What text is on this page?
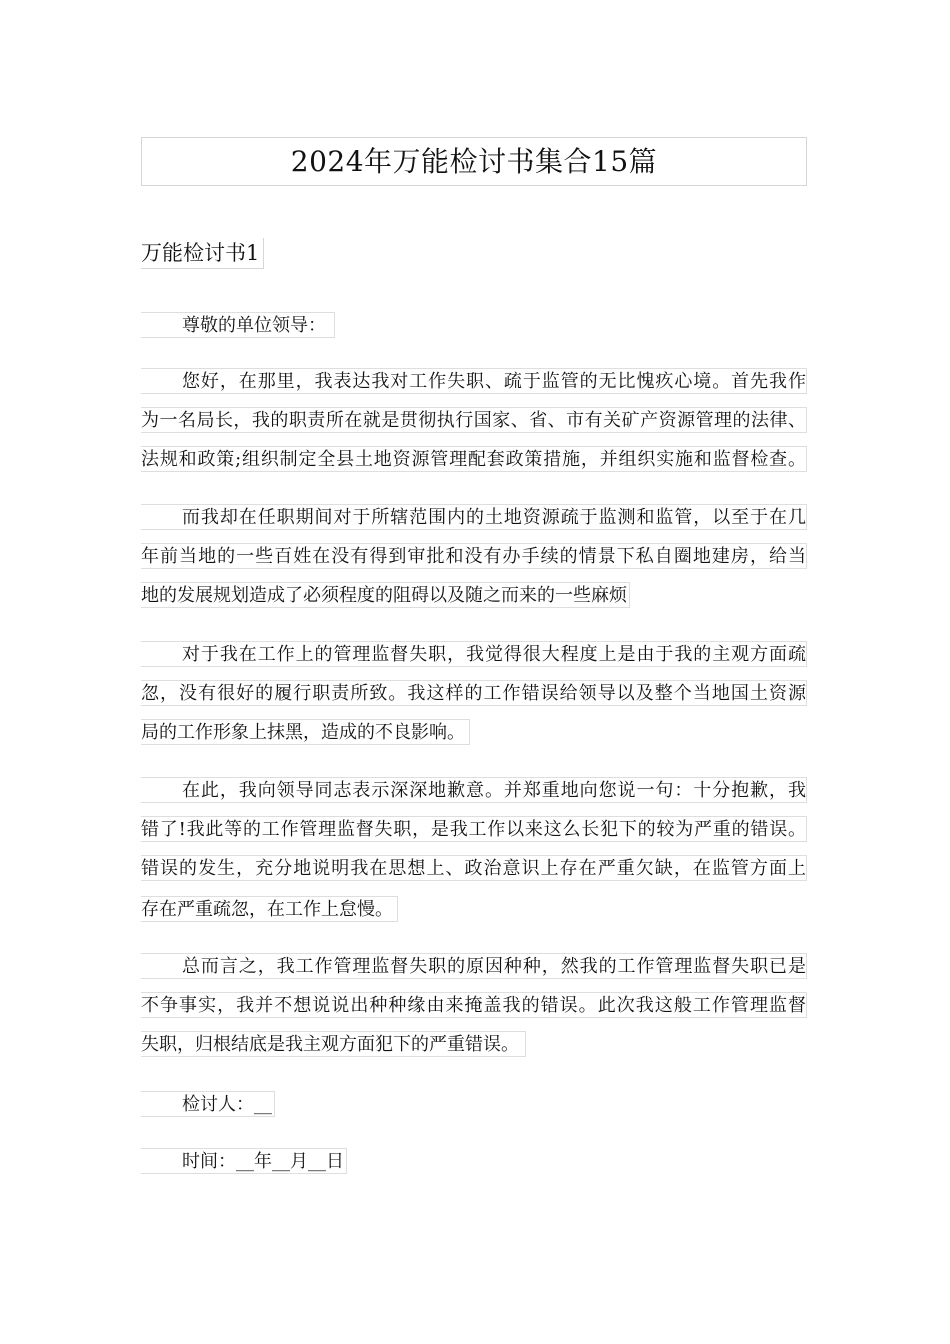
2024年万能检讨书集合15篇
万能检讨书1
尊敬的单位领导：
您好，在那里，我表达我对工作失职、疏于监管的无比愧疚心境。首先我作
为一名局长，我的职责所在就是贯彻执行国家、省、市有关矿产资源管理的法律、
法规和政策;组织制定全县土地资源管理配套政策措施，并组织实施和监督检查。
而我却在任职期间对于所辖范围内的土地资源疏于监测和监管，以至于在几
年前当地的一些百姓在没有得到审批和没有办手续的情景下私自圈地建房，给当
地的发展规划造成了必须程度的阻碍以及随之而来的一些麻烦
对于我在工作上的管理监督失职，我觉得很大程度上是由于我的主观方面疏
忽，没有很好的履行职责所致。我这样的工作错误给领导以及整个当地国土资源
局的工作形象上抹黑，造成的不良影响。
在此，我向领导同志表示深深地歉意。并郑重地向您说一句：十分抱歉，我
错了!我此等的工作管理监督失职，是我工作以来这么长犯下的较为严重的错误。
错误的发生，充分地说明我在思想上、政治意识上存在严重欠缺，在监管方面上
存在严重疏忽，在工作上怠慢。
总而言之，我工作管理监督失职的原因种种，然我的工作管理监督失职已是
不争事实，我并不想说说出种种缘由来掩盖我的错误。此次我这般工作管理监督
失职，归根结底是我主观方面犯下的严重错误。
检讨人：__
时间：__年__月__日
